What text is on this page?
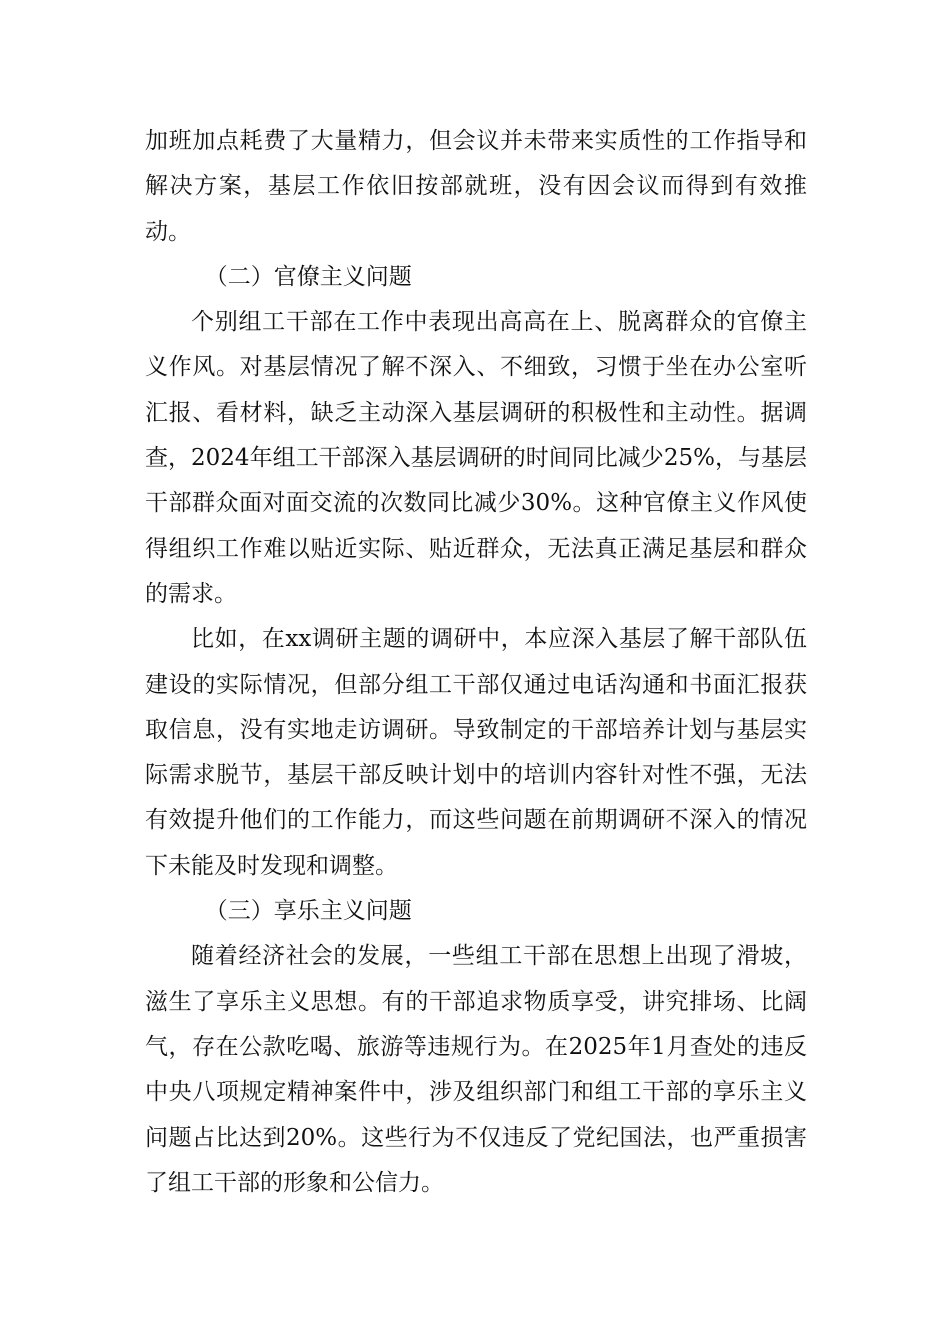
加班加点耗费了大量精力，但会议并未带来实质性的工作指导和解决方案，基层工作依旧按部就班，没有因会议而得到有效推动。

（二）官僚主义问题

个别组工干部在工作中表现出高高在上、脱离群众的官僚主义作风。对基层情况了解不深入、不细致，习惯于坐在办公室听汇报、看材料，缺乏主动深入基层调研的积极性和主动性。据调查，2024年组工干部深入基层调研的时间同比减少25%，与基层干部群众面对面交流的次数同比减少30%。这种官僚主义作风使得组织工作难以贴近实际、贴近群众，无法真正满足基层和群众的需求。

比如，在xx调研主题的调研中，本应深入基层了解干部队伍建设的实际情况，但部分组工干部仅通过电话沟通和书面汇报获取信息，没有实地走访调研。导致制定的干部培养计划与基层实际需求脱节，基层干部反映计划中的培训内容针对性不强，无法有效提升他们的工作能力，而这些问题在前期调研不深入的情况下未能及时发现和调整。

（三）享乐主义问题

随着经济社会的发展，一些组工干部在思想上出现了滑坡，滋生了享乐主义思想。有的干部追求物质享受，讲究排场、比阔气，存在公款吃喝、旅游等违规行为。在2025年1月查处的违反中央八项规定精神案件中，涉及组织部门和组工干部的享乐主义问题占比达到20%。这些行为不仅违反了党纪国法，也严重损害了组工干部的形象和公信力。
